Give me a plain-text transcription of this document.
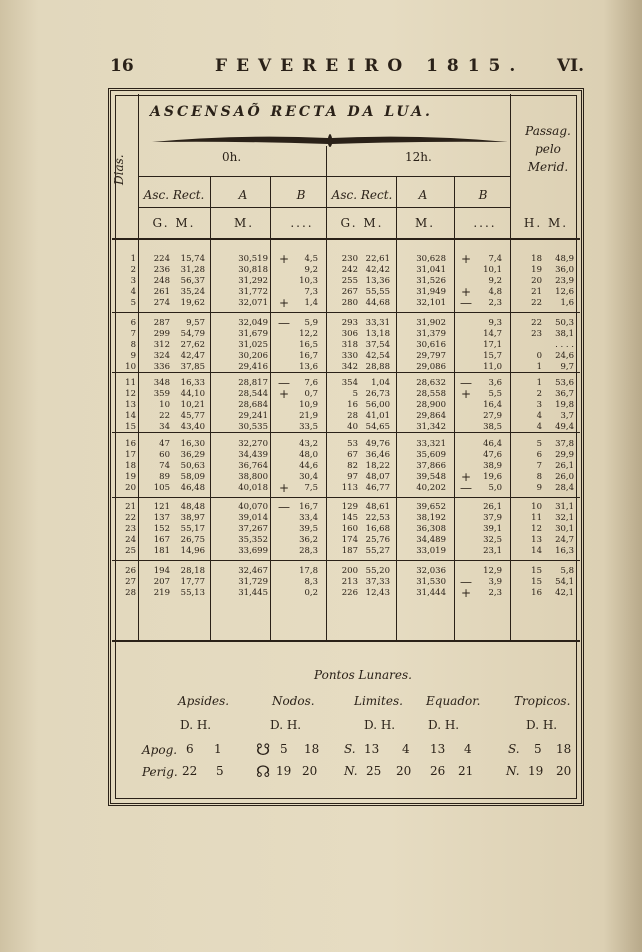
16	FEVEREIRO 1815. VI.
ASCENSAÕ RECTA DA LUA.
Dias.
Passag.
pelo
Merid.
0h.	12h.
Asc. Rect.	A	B	Asc. Rect.	A	B
G. M.	M.	....	G. M.	M.	....	H. M.
1	224	15,74	30,519 +	4,5	230 22,61	30,628 +	7,4	18	48,9
2	236	31,28	30,818	9,2	242 42,42	31,041	10,1	19	36,0
3	248	56,37	31,292	10,3	255 13,36	31,526	9,2	20	23,9
4	261	35,24	31,772	7,3	267 55,55	31,949 +	4,8	21	12,6
5	274	19,62	32,071 +	1,4	280 44,68	32,101 —	2,3	22	1,6
6	287	9,57	32,049 —	5,9	293 33,31	31,902	9,3	22	50,3
7	299	54,79	31,679	12,2	306 13,18	31,379	14,7	23	38,1
8	312	27,62	31,025	16,5	318 37,54	30,616	17,1	. . . .
9	324	42,47	30,206	16,7	330 42,54	29,797	15,7	0	24,6
10	336	37,85	29,416	13,6	342 28,88	29,086	11,0	1	9,7
11	348	16,33	28,817 —	7,6	354	1,04	28,632 —	3,6	1	53,6
12	359	44,10	28,544 +	0,7	5 26,73	28,558 +	5,5	2	36,7
13	10	10,21	28,684	10,9	16 56,00	28,900	16,4	3	19,8
14	22	45,77	29,241	21,9	28 41,01	29,864	27,9	4	3,7
15	34	43,40	30,535	33,5	40 54,65	31,342	38,5	4	49,4
16	47	16,30	32,270	43,2	53 49,76	33,321	46,4	5	37,8
17	60	36,29	34,439	48,0	67 36,46	35,609	47,6	6	29,9
18	74	50,63	36,764	44,6	82 18,22	37,866	38,9	7	26,1
19	89	58,09	38,800	30,4	97 48,07	39,548 +	19,6	8	26,0
20	105	46,48	40,018 +	7,5	113 46,77	40,202 —	5,0	9	28,4
21	121	48,48	40,070 —	16,7	129 48,61	39,652	26,1	10	31,1
22	137	38,97	39,014	33,4	145 22,53	38,192	37,9	11	32,1
23	152	55,17	37,267	39,5	160 16,68	36,308	39,1	12	30,1
24	167	26,75	35,352	36,2	174 25,76	34,489	32,5	13	24,7
25	181	14,96	33,699	28,3	187 55,27	33,019	23,1	14	16,3
26	194	28,18	32,467	17,8	200 55,20	32,036	12,9	15	5,8
27	207	17,77	31,729	8,3	213 37,33	31,530 —	3,9	15	54,1
28	219	55,13	31,445	0,2	226 12,43	31,444 +	2,3	16	42,1
Pontos Lunares.
Apsides.	Nodos.	Limites. Equador.	Tropicos.
D. H.	D. H.	D. H.	D. H.	D. H.
Apog. 6 1 ☋ 5 18 S. 13 4 13 4	S. 5 18
Perig. 22 5 ☊ 19 20 N. 25 20 26 21	N. 19 20
